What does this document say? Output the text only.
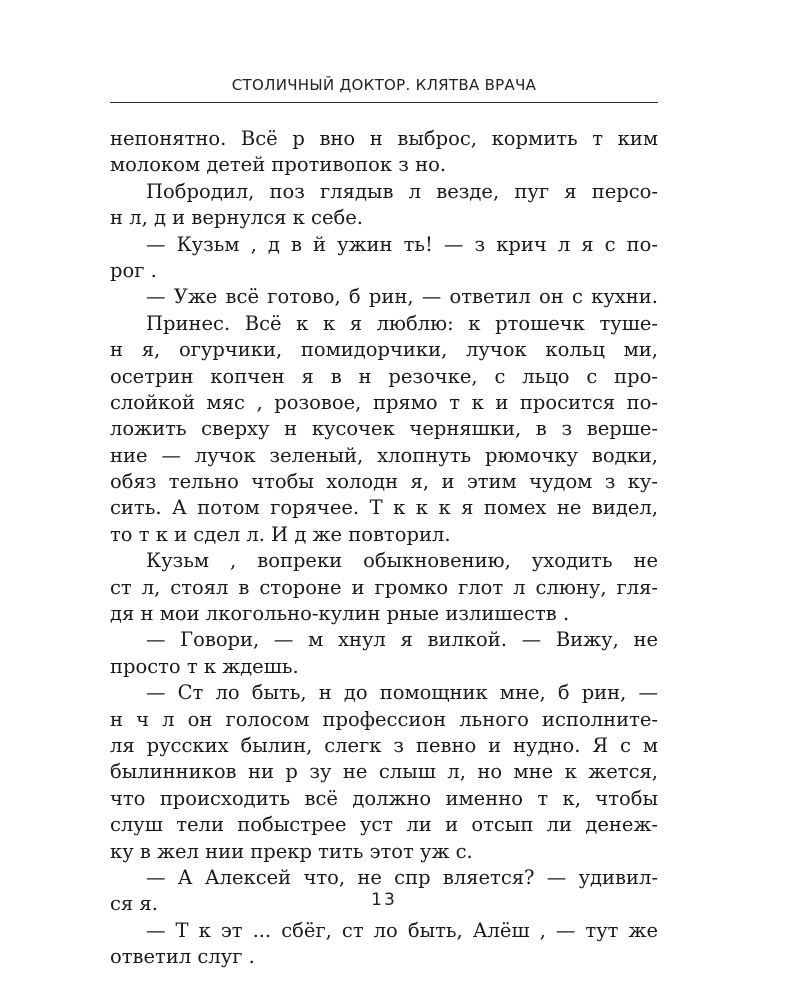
СТОЛИЧНЫЙ ДОКТОР. КЛЯТВА ВРАЧА
непонятно. Всё р вно н выброс, кормить т ким
молоком детей противопок з но.
Побродил, поз глядыв л везде, пуг я персо-
н л, д и вернулся к себе.
— Кузьм , д в й ужин ть! — з крич л я с по-
рог .
— Уже всё готово, б рин, — ответил он с кухни.
Принес. Всё к к я люблю: к ртошечк туше-
н я, огурчики, помидорчики, лучок кольц ми,
осетрин копчен я в н резочке, с льцо с про-
слойкой мяс , розовое, прямо т к и просится по-
ложить сверху н кусочек черняшки, в з верше-
ние — лучок зеленый, хлопнуть рюмочку водки,
обяз тельно чтобы холодн я, и этим чудом з ку-
сить. А потом горячее. Т к к к я помех не видел,
то т к и сдел л. И д же повторил.
Кузьм , вопреки обыкновению, уходить не
ст л, стоял в стороне и громко глот л слюну, гля-
дя н мои лкогольно-кулин рные излишеств .
— Говори, — м хнул я вилкой. — Вижу, не
просто т к ждешь.
— Ст ло быть, н до помощник мне, б рин, —
н ч л он голосом профессион льного исполните-
ля русских былин, слегк з певно и нудно. Я с м
былинников ни р зу не слыш л, но мне к жется,
что происходить всё должно именно т к, чтобы
слуш тели побыстрее уст ли и отсып ли денеж-
ку в жел нии прекр тить этот уж с.
— А Алексей что, не спр вляется? — удивил-
ся я.
— Т к эт ... сбёг, ст ло быть, Алёш , — тут же
ответил слуг .
13
